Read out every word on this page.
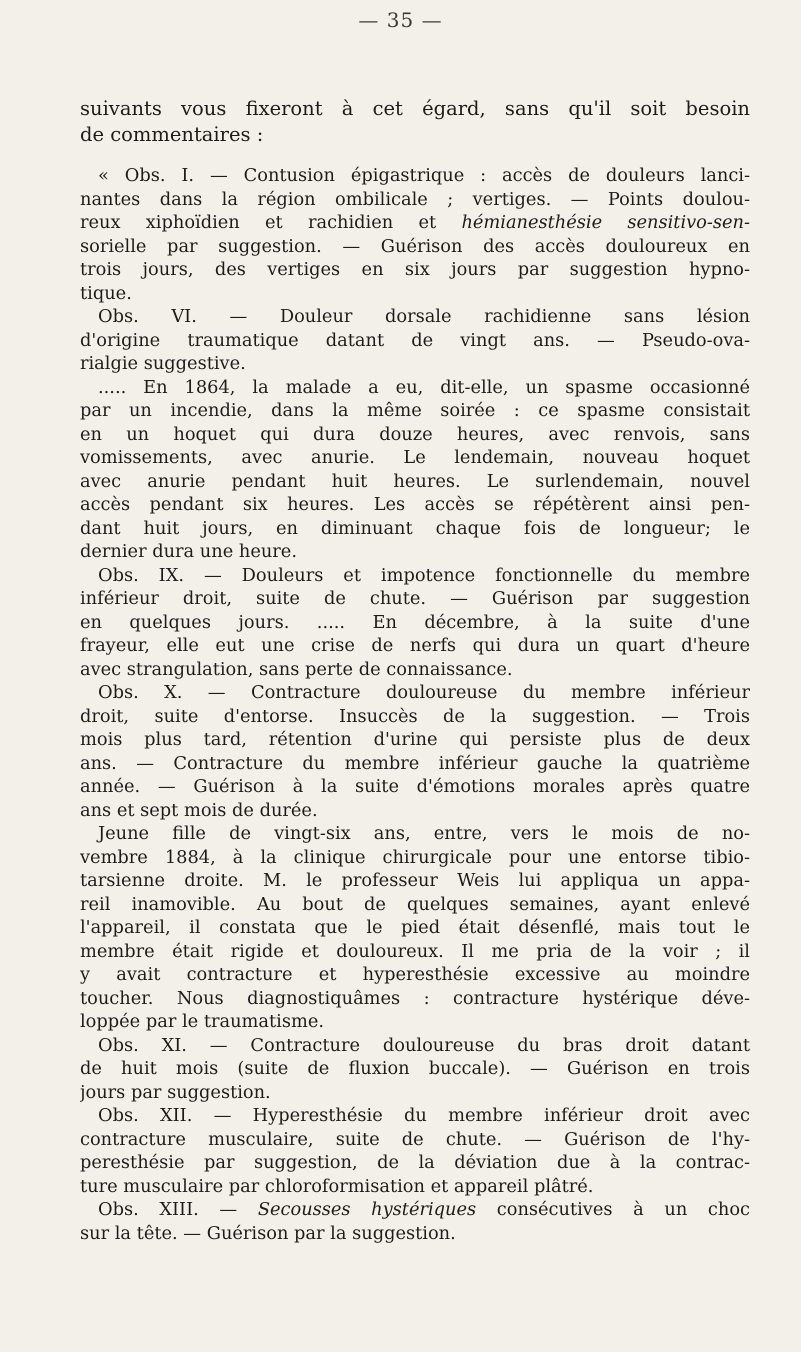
— 35 —
suivants vous fixeront à cet égard, sans qu'il soit besoin
de commentaires :
« Obs. I. — Contusion épigastrique : accès de douleurs lanci-
nantes dans la région ombilicale ; vertiges. — Points doulou-
reux xiphoïdien et rachidien et hémianesthésie sensitivo-sen-
sorielle par suggestion. — Guérison des accès douloureux en
trois jours, des vertiges en six jours par suggestion hypno-
tique.
Obs. VI. — Douleur dorsale rachidienne sans lésion
d'origine traumatique datant de vingt ans. — Pseudo-ova-
rialgie suggestive.
..... En 1864, la malade a eu, dit-elle, un spasme occasionné
par un incendie, dans la même soirée : ce spasme consistait
en un hoquet qui dura douze heures, avec renvois, sans
vomissements, avec anurie. Le lendemain, nouveau hoquet
avec anurie pendant huit heures. Le surlendemain, nouvel
accès pendant six heures. Les accès se répétèrent ainsi pen-
dant huit jours, en diminuant chaque fois de longueur; le
dernier dura une heure.
Obs. IX. — Douleurs et impotence fonctionnelle du membre
inférieur droit, suite de chute. — Guérison par suggestion
en quelques jours. ..... En décembre, à la suite d'une
frayeur, elle eut une crise de nerfs qui dura un quart d'heure
avec strangulation, sans perte de connaissance.
Obs. X. — Contracture douloureuse du membre inférieur
droit, suite d'entorse. Insuccès de la suggestion. — Trois
mois plus tard, rétention d'urine qui persiste plus de deux
ans. — Contracture du membre inférieur gauche la quatrième
année. — Guérison à la suite d'émotions morales après quatre
ans et sept mois de durée.
Jeune fille de vingt-six ans, entre, vers le mois de no-
vembre 1884, à la clinique chirurgicale pour une entorse tibio-
tarsienne droite. M. le professeur Weis lui appliqua un appa-
reil inamovible. Au bout de quelques semaines, ayant enlevé
l'appareil, il constata que le pied était désenflé, mais tout le
membre était rigide et douloureux. Il me pria de la voir ; il
y avait contracture et hyperesthésie excessive au moindre
toucher. Nous diagnostiquâmes : contracture hystérique déve-
loppée par le traumatisme.
Obs. XI. — Contracture douloureuse du bras droit datant
de huit mois (suite de fluxion buccale). — Guérison en trois
jours par suggestion.
Obs. XII. — Hyperesthésie du membre inférieur droit avec
contracture musculaire, suite de chute. — Guérison de l'hy-
peresthésie par suggestion, de la déviation due à la contrac-
ture musculaire par chloroformisation et appareil plâtré.
Obs. XIII. — Secousses hystériques consécutives à un choc
sur la tête. — Guérison par la suggestion.
